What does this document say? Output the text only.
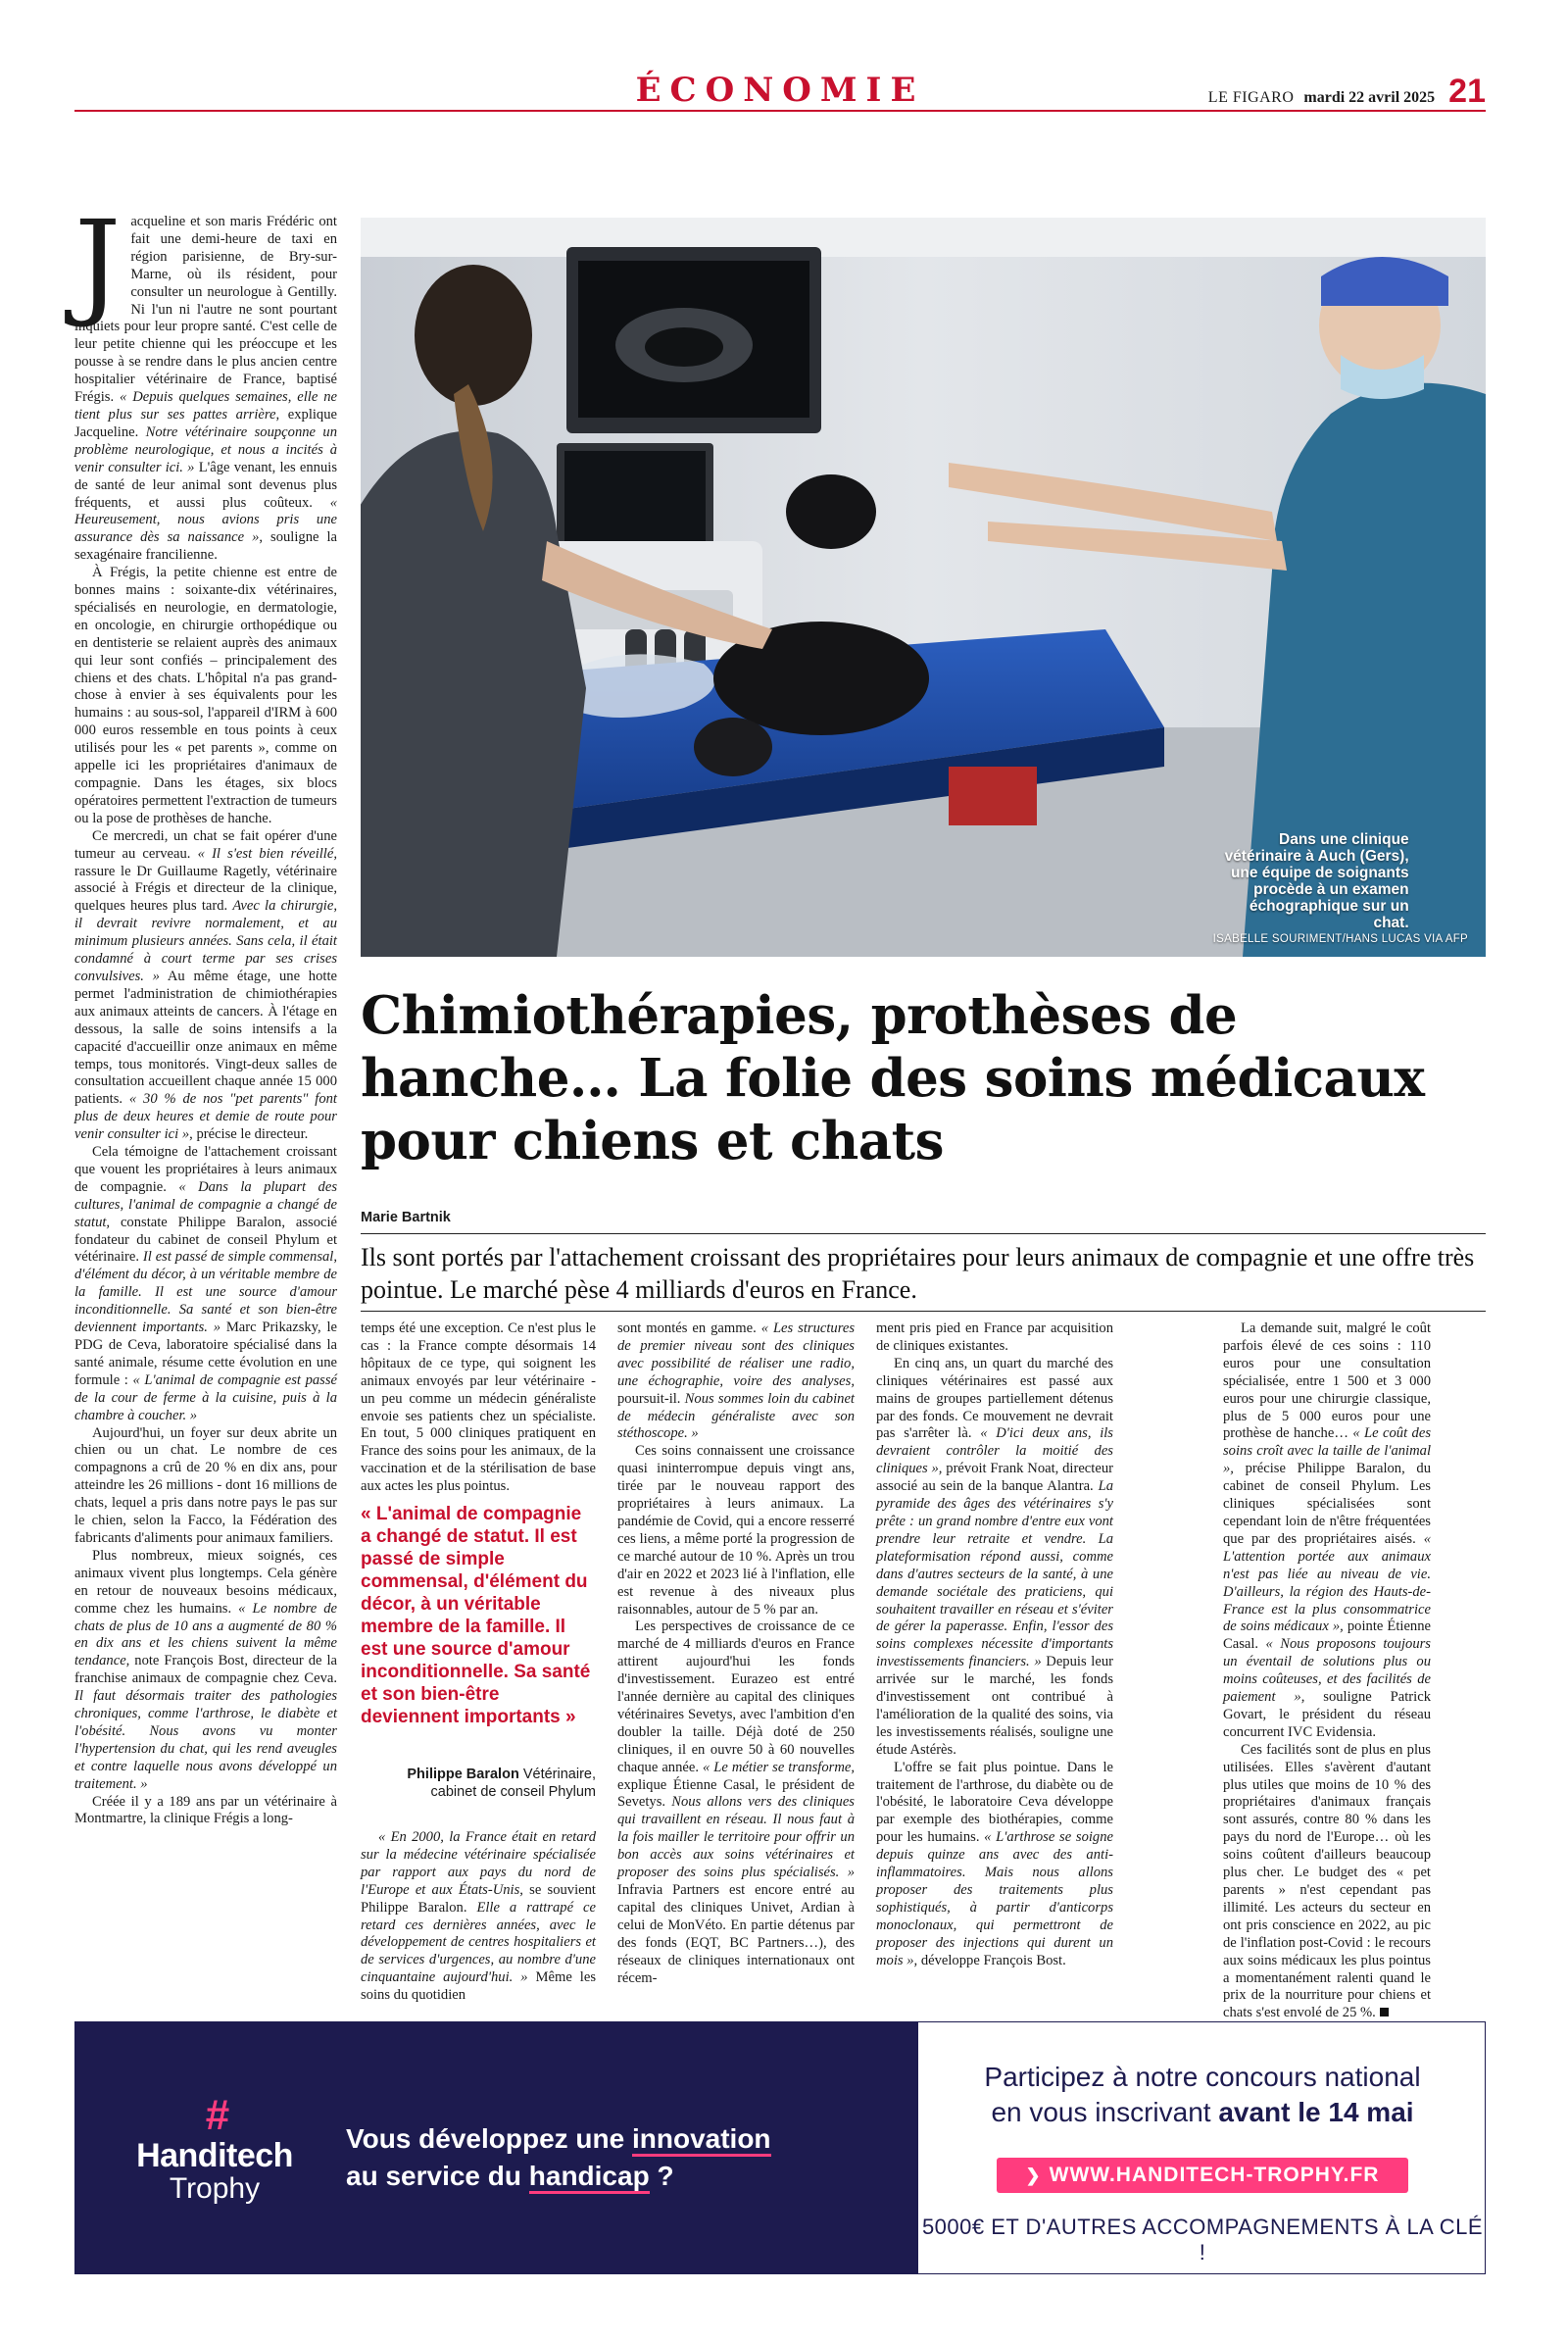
ÉCONOMIE	LE FIGARO mardi 22 avril 2025 21

Jacqueline et son maris Frédéric ont fait une demi-heure de taxi en région parisienne, de Bry-sur-Marne, où ils résident, pour consulter un neurologue à Gentilly. Ni l'un ni l'autre ne sont pourtant inquiets pour leur propre santé. C'est celle de leur petite chienne qui les préoccupe et les pousse à se rendre dans le plus ancien centre hospitalier vétérinaire de France, baptisé Frégis. « Depuis quelques semaines, elle ne tient plus sur ses pattes arrière, explique Jacqueline. Notre vétérinaire soupçonne un problème neurologique, et nous a incités à venir consulter ici. » L'âge venant, les ennuis de santé de leur animal sont devenus plus fréquents, et aussi plus coûteux. « Heureusement, nous avions pris une assurance dès sa naissance », souligne la sexagénaire francilienne.

À Frégis, la petite chienne est entre de bonnes mains : soixante-dix vétérinaires, spécialisés en neurologie, en dermatologie, en oncologie, en chirurgie orthopédique ou en dentisterie se relaient auprès des animaux qui leur sont confiés – principalement des chiens et des chats. L'hôpital n'a pas grand-chose à envier à ses équivalents pour les humains : au sous-sol, l'appareil d'IRM à 600 000 euros ressemble en tous points à ceux utilisés pour les « pet parents », comme on appelle ici les propriétaires d'animaux de compagnie. Dans les étages, six blocs opératoires permettent l'extraction de tumeurs ou la pose de prothèses de hanche.

Ce mercredi, un chat se fait opérer d'une tumeur au cerveau. « Il s'est bien réveillé, rassure le Dr Guillaume Ragetly, vétérinaire associé à Frégis et directeur de la clinique, quelques heures plus tard. Avec la chirurgie, il devrait revivre normalement, et au minimum plusieurs années. Sans cela, il était condamné à court terme par ses crises convulsives. » Au même étage, une hotte permet l'administration de chimiothérapies aux animaux atteints de cancers. À l'étage en dessous, la salle de soins intensifs a la capacité d'accueillir onze animaux en même temps, tous monitorés. Vingt-deux salles de consultation accueillent chaque année 15 000 patients. « 30 % de nos "pet parents" font plus de deux heures et demie de route pour venir consulter ici », précise le directeur.

Cela témoigne de l'attachement croissant que vouent les propriétaires à leurs animaux de compagnie. « Dans la plupart des cultures, l'animal de compagnie a changé de statut, constate Philippe Baralon, associé fondateur du cabinet de conseil Phylum et vétérinaire. Il est passé de simple commensal, d'élément du décor, à un véritable membre de la famille. Il est une source d'amour inconditionnelle. Sa santé et son bien-être deviennent importants. » Marc Prikazsky, le PDG de Ceva, laboratoire spécialisé dans la santé animale, résume cette évolution en une formule : « L'animal de compagnie est passé de la cour de ferme à la cuisine, puis à la chambre à coucher. »

Aujourd'hui, un foyer sur deux abrite un chien ou un chat. Le nombre de ces compagnons a crû de 20 % en dix ans, pour atteindre les 26 millions - dont 16 millions de chats, lequel a pris dans notre pays le pas sur le chien, selon la Facco, la Fédération des fabricants d'aliments pour animaux familiers.

Plus nombreux, mieux soignés, ces animaux vivent plus longtemps. Cela génère en retour de nouveaux besoins médicaux, comme chez les humains. « Le nombre de chats de plus de 10 ans a augmenté de 80 % en dix ans et les chiens suivent la même tendance, note François Bost, directeur de la franchise animaux de compagnie chez Ceva. Il faut désormais traiter des pathologies chroniques, comme l'arthrose, le diabète et l'obésité. Nous avons vu monter l'hypertension du chat, qui les rend aveugles et contre laquelle nous avons développé un traitement. »

Créée il y a 189 ans par un vétérinaire à Montmartre, la clinique Frégis a long-

Dans une clinique vétérinaire à Auch (Gers), une équipe de soignants procède à un examen échographique sur un chat.
ISABELLE SOURIMENT/HANS LUCAS VIA AFP
Chimiothérapies, prothèses de hanche… La folie des soins médicaux pour chiens et chats
Marie Bartnik
Ils sont portés par l'attachement croissant des propriétaires pour leurs animaux de compagnie et une offre très pointue. Le marché pèse 4 milliards d'euros en France.

temps été une exception. Ce n'est plus le cas : la France compte désormais 14 hôpitaux de ce type, qui soignent les animaux envoyés par leur vétérinaire - un peu comme un médecin généraliste envoie ses patients chez un spécialiste. En tout, 5 000 cliniques pratiquent en France des soins pour les animaux, de la vaccination et de la stérilisation de base aux actes les plus pointus.

« L'animal de compagnie a changé de statut. Il est passé de simple commensal, d'élément du décor, à un véritable membre de la famille. Il est une source d'amour inconditionnelle. Sa santé et son bien-être deviennent importants »
Philippe Baralon Vétérinaire, cabinet de conseil Phylum

« En 2000, la France était en retard sur la médecine vétérinaire spécialisée par rapport aux pays du nord de l'Europe et aux États-Unis, se souvient Philippe Baralon. Elle a rattrapé ce retard ces dernières années, avec le développement de centres hospitaliers et de services d'urgences, au nombre d'une cinquantaine aujourd'hui. » Même les soins du quotidien

sont montés en gamme. « Les structures de premier niveau sont des cliniques avec possibilité de réaliser une radio, une échographie, voire des analyses, poursuit-il. Nous sommes loin du cabinet de médecin généraliste avec son stéthoscope. »

Ces soins connaissent une croissance quasi ininterrompue depuis vingt ans, tirée par le nouveau rapport des propriétaires à leurs animaux. La pandémie de Covid, qui a encore resserré ces liens, a même porté la progression de ce marché autour de 10 %. Après un trou d'air en 2022 et 2023 lié à l'inflation, elle est revenue à des niveaux plus raisonnables, autour de 5 % par an.

Les perspectives de croissance de ce marché de 4 milliards d'euros en France attirent aujourd'hui les fonds d'investissement. Eurazeo est entré l'année dernière au capital des cliniques vétérinaires Sevetys, avec l'ambition d'en doubler la taille. Déjà doté de 250 cliniques, il en ouvre 50 à 60 nouvelles chaque année. « Le métier se transforme, explique Étienne Casal, le président de Sevetys. Nous allons vers des cliniques qui travaillent en réseau. Il nous faut à la fois mailler le territoire pour offrir un bon accès aux soins vétérinaires et proposer des soins plus spécialisés. » Infravia Partners est encore entré au capital des cliniques Univet, Ardian à celui de MonVéto. En partie détenus par des fonds (EQT, BC Partners…), des réseaux de cliniques internationaux ont récem-

ment pris pied en France par acquisition de cliniques existantes.

En cinq ans, un quart du marché des cliniques vétérinaires est passé aux mains de groupes partiellement détenus par des fonds. Ce mouvement ne devrait pas s'arrêter là. « D'ici deux ans, ils devraient contrôler la moitié des cliniques », prévoit Frank Noat, directeur associé au sein de la banque Alantra. La pyramide des âges des vétérinaires s'y prête : un grand nombre d'entre eux vont prendre leur retraite et vendre. La plateformisation répond aussi, comme dans d'autres secteurs de la santé, à une demande sociétale des praticiens, qui souhaitent travailler en réseau et s'éviter de gérer la paperasse. Enfin, l'essor des soins complexes nécessite d'importants investissements financiers. » Depuis leur arrivée sur le marché, les fonds d'investissement ont contribué à l'amélioration de la qualité des soins, via les investissements réalisés, souligne une étude Astérès.

L'offre se fait plus pointue. Dans le traitement de l'arthrose, du diabète ou de l'obésité, le laboratoire Ceva développe par exemple des biothérapies, comme pour les humains. « L'arthrose se soigne depuis quinze ans avec des anti-inflammatoires. Mais nous allons proposer des traitements plus sophistiqués, à partir d'anticorps monoclonaux, qui permettront de proposer des injections qui durent un mois », développe François Bost.

La demande suit, malgré le coût parfois élevé de ces soins : 110 euros pour une consultation spécialisée, entre 1 500 et 3 000 euros pour une chirurgie classique, plus de 5 000 euros pour une prothèse de hanche… « Le coût des soins croît avec la taille de l'animal », précise Philippe Baralon, du cabinet de conseil Phylum. Les cliniques spécialisées sont cependant loin de n'être fréquentées que par des propriétaires aisés. « L'attention portée aux animaux n'est pas liée au niveau de vie. D'ailleurs, la région des Hauts-de-France est la plus consommatrice de soins médicaux », pointe Étienne Casal. « Nous proposons toujours un éventail de solutions plus ou moins coûteuses, et des facilités de paiement », souligne Patrick Govart, le président du réseau concurrent IVC Evidensia.

Ces facilités sont de plus en plus utilisées. Elles s'avèrent d'autant plus utiles que moins de 10 % des propriétaires d'animaux français sont assurés, contre 80 % dans les pays du nord de l'Europe… où les soins coûtent d'ailleurs beaucoup plus cher. Le budget des « pet parents » n'est cependant pas illimité. Les acteurs du secteur en ont pris conscience en 2022, au pic de l'inflation post-Covid : le recours aux soins médicaux les plus pointus a momentanément ralenti quand le prix de la nourriture pour chiens et chats s'est envolé de 25 %.

#
Handitech
Trophy
Vous développez une innovation
au service du handicap ?
Participez à notre concours national
en vous inscrivant avant le 14 mai
❯ WWW.HANDITECH-TROPHY.FR
5000€ ET D'AUTRES ACCOMPAGNEMENTS À LA CLÉ !
